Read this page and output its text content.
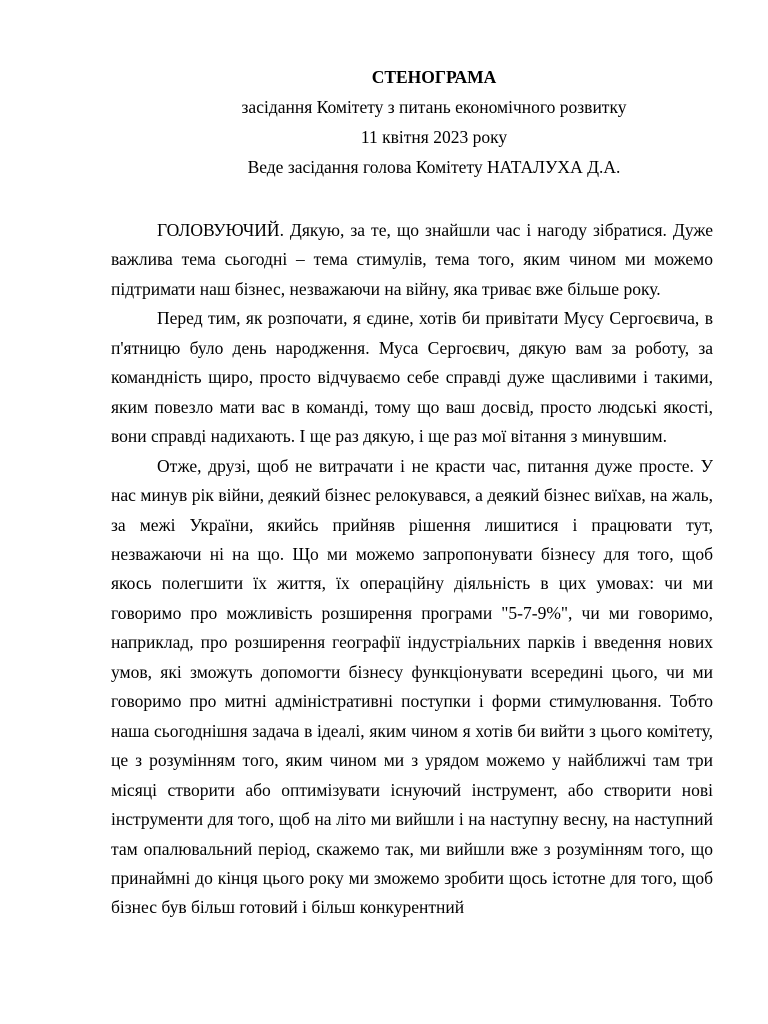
СТЕНОГРАМА
засідання Комітету з питань економічного розвитку
11 квітня 2023 року
Веде засідання голова Комітету НАТАЛУХА Д.А.

ГОЛОВУЮЧИЙ. Дякую, за те, що знайшли час і нагоду зібратися. Дуже важлива тема сьогодні – тема стимулів, тема того, яким чином ми можемо підтримати наш бізнес, незважаючи на війну, яка триває вже більше року.

Перед тим, як розпочати, я єдине, хотів би привітати Мусу Сергоєвича, в п'ятницю було день народження. Муса Сергоєвич, дякую вам за роботу, за командність щиро, просто відчуваємо себе справді дуже щасливими і такими, яким повезло мати вас в команді, тому що ваш досвід, просто людські якості, вони справді надихають. І ще раз дякую, і ще раз мої вітання з минувшим.

Отже, друзі, щоб не витрачати і не красти час, питання дуже просте. У нас минув рік війни, деякий бізнес релокувався, а деякий бізнес виїхав, на жаль, за межі України, якийсь прийняв рішення лишитися і працювати тут, незважаючи ні на що. Що ми можемо запропонувати бізнесу для того, щоб якось полегшити їх життя, їх операційну діяльність в цих умовах: чи ми говоримо про можливість розширення програми "5-7-9%", чи ми говоримо, наприклад, про розширення географії індустріальних парків і введення нових умов, які зможуть допомогти бізнесу функціонувати всередині цього, чи ми говоримо про митні адміністративні поступки і форми стимулювання. Тобто наша сьогоднішня задача в ідеалі, яким чином я хотів би вийти з цього комітету, це з розумінням того, яким чином ми з урядом можемо у найближчі там три місяці створити або оптимізувати існуючий інструмент, або створити нові інструменти для того, щоб на літо ми вийшли і на наступну весну, на наступний там опалювальний період, скажемо так, ми вийшли вже з розумінням того, що принаймні до кінця цього року ми зможемо зробити щось істотне для того, щоб бізнес був більш готовий і більш конкурентний
